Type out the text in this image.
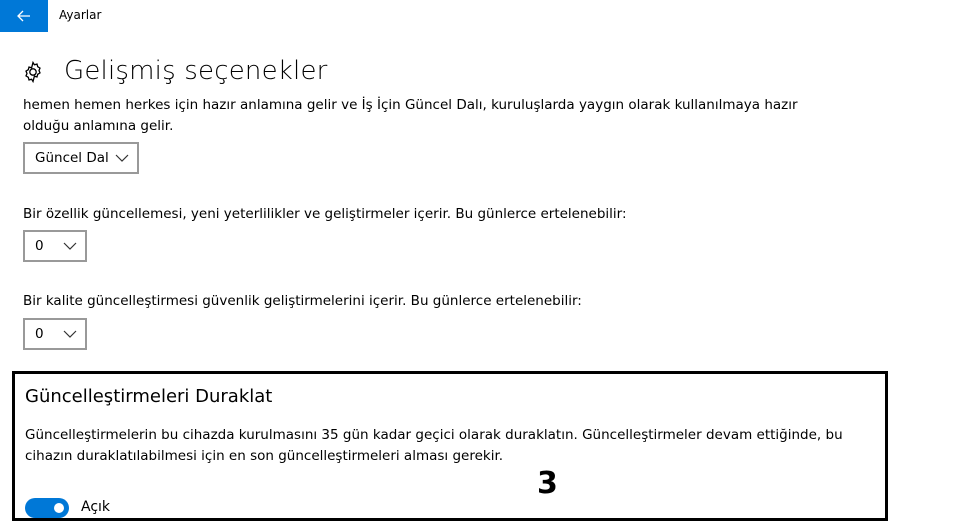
Ayarlar
Gelişmiş seçenekler
hemen hemen herkes için hazır anlamına gelir ve İş İçin Güncel Dalı, kuruluşlarda yaygın olarak kullanılmaya hazır olduğu anlamına gelir.
Güncel Dal
Bir özellik güncellemesi, yeni yeterlilikler ve geliştirmeler içerir. Bu günlerce ertelenebilir:
0
Bir kalite güncelleştirmesi güvenlik geliştirmelerini içerir. Bu günlerce ertelenebilir:
0
Güncelleştirmeleri Duraklat
Güncelleştirmelerin bu cihazda kurulmasını 35 gün kadar geçici olarak duraklatın. Güncelleştirmeler devam ettiğinde, bu cihazın duraklatılabilmesi için en son güncelleştirmeleri alması gerekir.
3
Açık
